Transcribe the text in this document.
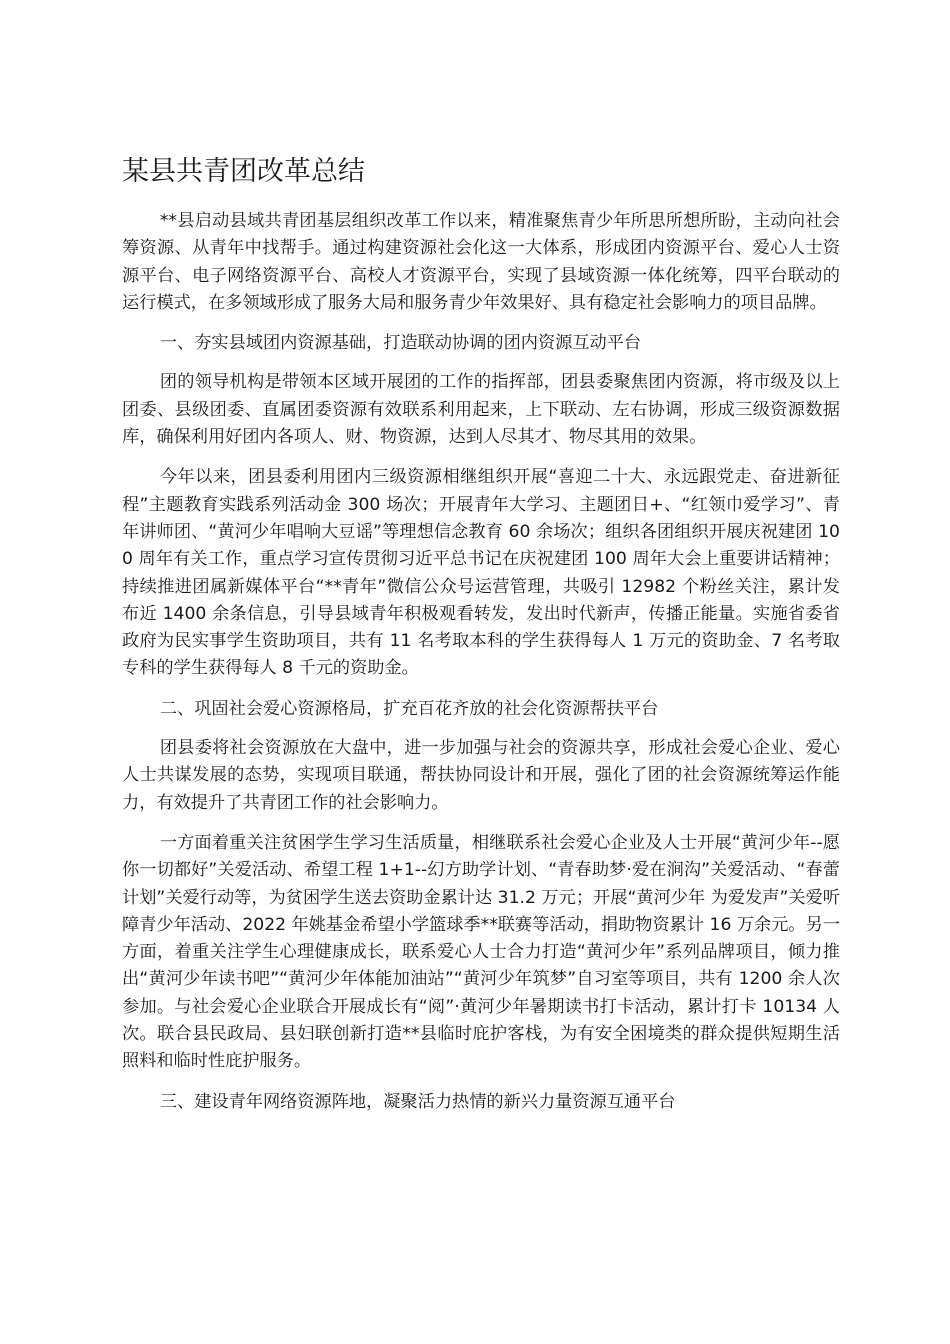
某县共青团改革总结

**县启动县域共青团基层组织改革工作以来，精准聚焦青少年所思所想所盼，主动向社会筹资源、从青年中找帮手。通过构建资源社会化这一大体系，形成团内资源平台、爱心人士资源平台、电子网络资源平台、高校人才资源平台，实现了县域资源一体化统筹，四平台联动的运行模式，在多领域形成了服务大局和服务青少年效果好、具有稳定社会影响力的项目品牌。

一、夯实县域团内资源基础，打造联动协调的团内资源互动平台

团的领导机构是带领本区域开展团的工作的指挥部，团县委聚焦团内资源，将市级及以上团委、县级团委、直属团委资源有效联系利用起来，上下联动、左右协调，形成三级资源数据库，确保利用好团内各项人、财、物资源，达到人尽其才、物尽其用的效果。

今年以来，团县委利用团内三级资源相继组织开展“喜迎二十大、永远跟党走、奋进新征程”主题教育实践系列活动金 300 场次；开展青年大学习、主题团日+、“红领巾爱学习”、青年讲师团、“黄河少年唱响大豆谣”等理想信念教育 60 余场次；组织各团组织开展庆祝建团 100 周年有关工作，重点学习宣传贯彻习近平总书记在庆祝建团 100 周年大会上重要讲话精神；持续推进团属新媒体平台“**青年”微信公众号运营管理，共吸引 12982 个粉丝关注，累计发布近 1400 余条信息，引导县域青年积极观看转发，发出时代新声，传播正能量。实施省委省政府为民实事学生资助项目，共有 11 名考取本科的学生获得每人 1 万元的资助金、7 名考取专科的学生获得每人 8 千元的资助金。

二、巩固社会爱心资源格局，扩充百花齐放的社会化资源帮扶平台

团县委将社会资源放在大盘中，进一步加强与社会的资源共享，形成社会爱心企业、爱心人士共谋发展的态势，实现项目联通，帮扶协同设计和开展，强化了团的社会资源统筹运作能力，有效提升了共青团工作的社会影响力。

一方面着重关注贫困学生学习生活质量，相继联系社会爱心企业及人士开展“黄河少年--愿你一切都好”关爱活动、希望工程 1+1--幻方助学计划、“青春助梦·爱在涧沟”关爱活动、“春蕾计划”关爱行动等，为贫困学生送去资助金累计达 31.2 万元；开展“黄河少年 为爱发声”关爱听障青少年活动、2022 年姚基金希望小学篮球季**联赛等活动，捐助物资累计 16 万余元。另一方面，着重关注学生心理健康成长，联系爱心人士合力打造“黄河少年”系列品牌项目，倾力推出“黄河少年读书吧”“黄河少年体能加油站”“黄河少年筑梦”自习室等项目，共有 1200 余人次参加。与社会爱心企业联合开展成长有“阅”·黄河少年暑期读书打卡活动，累计打卡 10134 人次。联合县民政局、县妇联创新打造**县临时庇护客栈，为有安全困境类的群众提供短期生活照料和临时性庇护服务。

三、建设青年网络资源阵地，凝聚活力热情的新兴力量资源互通平台
